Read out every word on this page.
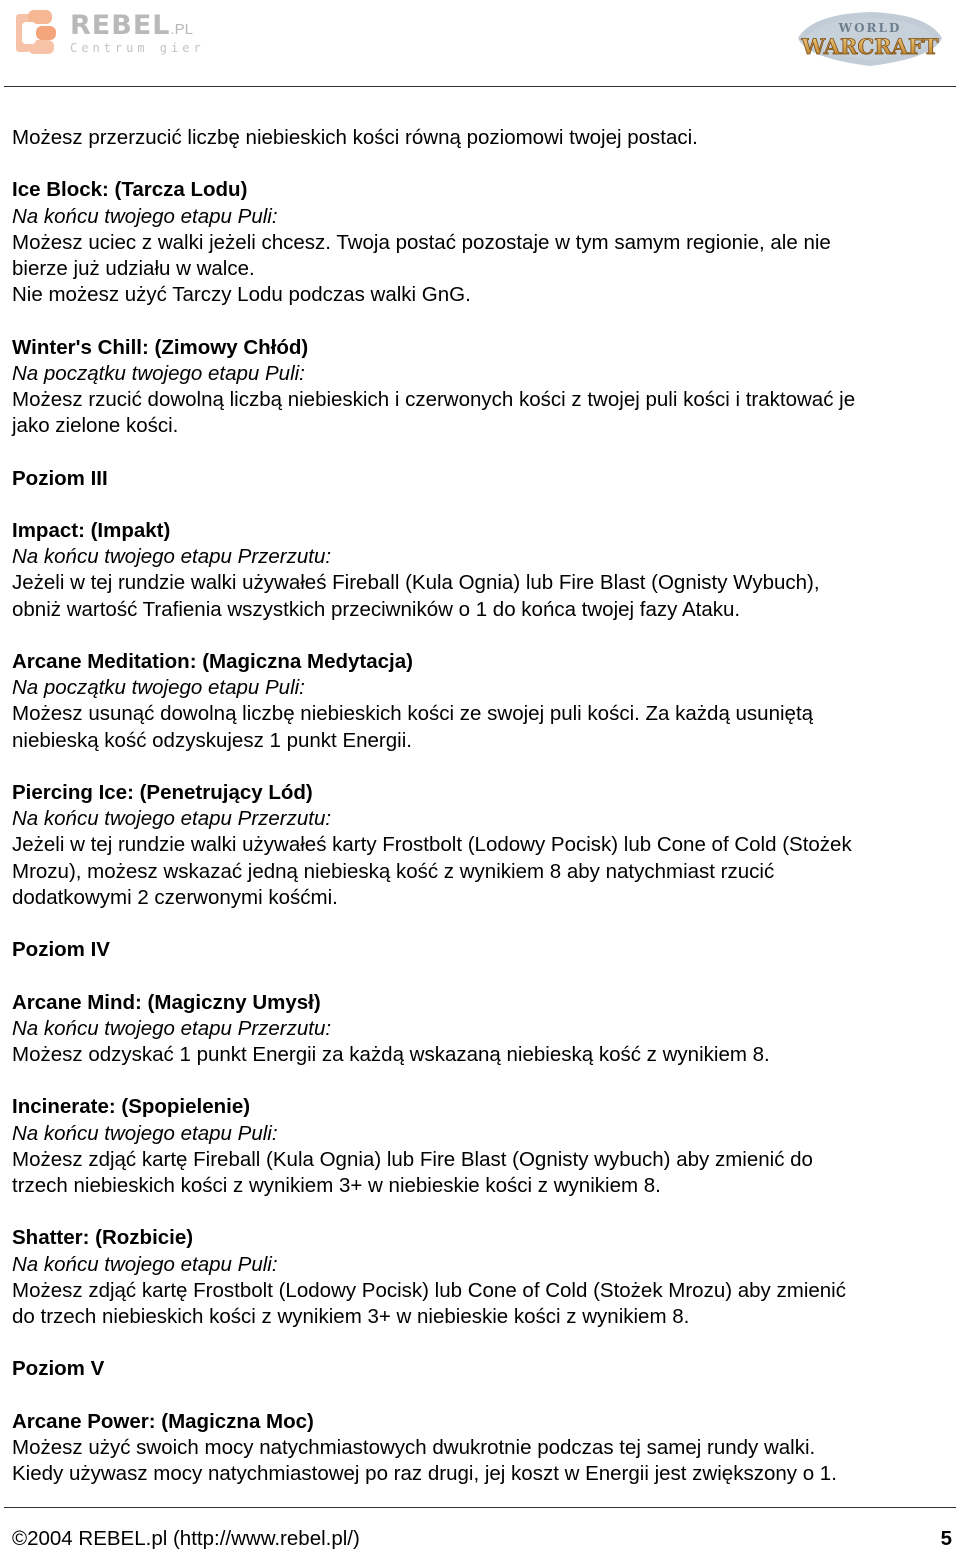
REBEL.PL
Centrum gier
WORLD
WARCRAFT
Możesz przerzucić liczbę niebieskich kości równą poziomowi twojej postaci.
Ice Block: (Tarcza Lodu)
Na końcu twojego etapu Puli:
Możesz uciec z walki jeżeli chcesz. Twoja postać pozostaje w tym samym regionie, ale nie
bierze już udziału w walce.
Nie możesz użyć Tarczy Lodu podczas walki GnG.
Winter's Chill: (Zimowy Chłód)
Na początku twojego etapu Puli:
Możesz rzucić dowolną liczbą niebieskich i czerwonych kości z twojej puli kości i traktować je
jako zielone kości.
Poziom III
Impact: (Impakt)
Na końcu twojego etapu Przerzutu:
Jeżeli w tej rundzie walki używałeś Fireball (Kula Ognia) lub Fire Blast (Ognisty Wybuch),
obniż wartość Trafienia wszystkich przeciwników o 1 do końca twojej fazy Ataku.
Arcane Meditation: (Magiczna Medytacja)
Na początku twojego etapu Puli:
Możesz usunąć dowolną liczbę niebieskich kości ze swojej puli kości. Za każdą usuniętą
niebieską kość odzyskujesz 1 punkt Energii.
Piercing Ice: (Penetrujący Lód)
Na końcu twojego etapu Przerzutu:
Jeżeli w tej rundzie walki używałeś karty Frostbolt (Lodowy Pocisk) lub Cone of Cold (Stożek
Mrozu), możesz wskazać jedną niebieską kość z wynikiem 8 aby natychmiast rzucić
dodatkowymi 2 czerwonymi kośćmi.
Poziom IV
Arcane Mind: (Magiczny Umysł)
Na końcu twojego etapu Przerzutu:
Możesz odzyskać 1 punkt Energii za każdą wskazaną niebieską kość z wynikiem 8.
Incinerate: (Spopielenie)
Na końcu twojego etapu Puli:
Możesz zdjąć kartę Fireball (Kula Ognia) lub Fire Blast (Ognisty wybuch) aby zmienić do
trzech niebieskich kości z wynikiem 3+ w niebieskie kości z wynikiem 8.
Shatter: (Rozbicie)
Na końcu twojego etapu Puli:
Możesz zdjąć kartę Frostbolt (Lodowy Pocisk) lub Cone of Cold (Stożek Mrozu) aby zmienić
do trzech niebieskich kości z wynikiem 3+ w niebieskie kości z wynikiem 8.
Poziom V
Arcane Power: (Magiczna Moc)
Możesz użyć swoich mocy natychmiastowych dwukrotnie podczas tej samej rundy walki.
Kiedy używasz mocy natychmiastowej po raz drugi, jej koszt w Energii jest zwiększony o 1.
©2004 REBEL.pl (http://www.rebel.pl/)	5
